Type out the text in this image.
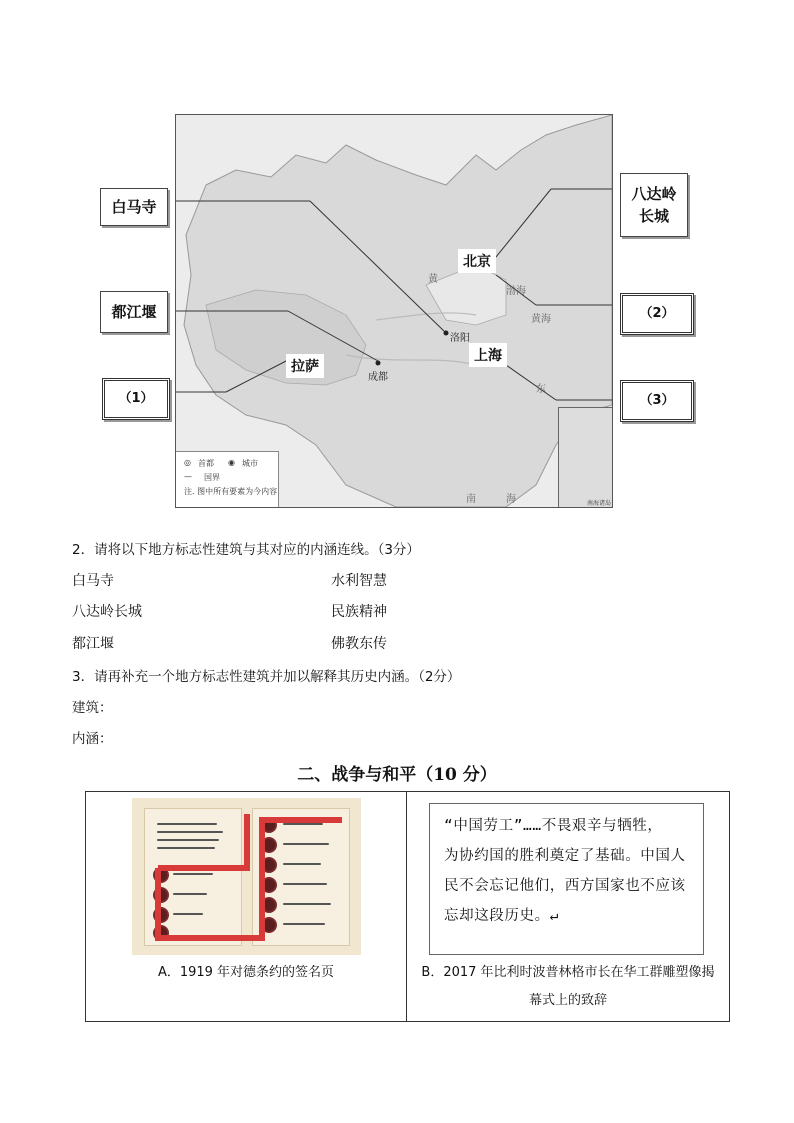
北京
上海
拉萨
成都
洛阳
黄
渤海
黄海
东
南	海
◎ 首都 ◉ 城市
— 国界
注. 图中所有要素为今内容
南海诸岛
白马寺
都江堰
（1）
八达岭
长城
（2）
（3）
2．请将以下地方标志性建筑与其对应的内涵连线。（3分）
白马寺
八达岭长城
都江堰
水利智慧
民族精神
佛教东传
3．请再补充一个地方标志性建筑并加以解释其历史内涵。（2分）
建筑：
内涵：
二、战争与和平（10 分）
A．1919 年对德条约的签名页
“中国劳工”……不畏艰辛与牺牲，
为协约国的胜利奠定了基础。中国人
民不会忘记他们，西方国家也不应该
忘却这段历史。↵
B．2017 年比利时波普林格市长在华工群雕塑像揭
幕式上的致辞
